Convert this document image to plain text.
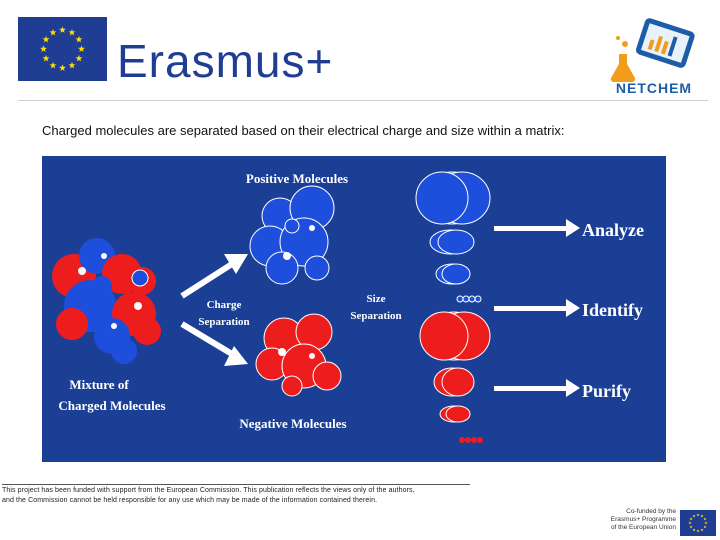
Erasmus+
NETCHEM
Charged molecules are separated based on their electrical charge and size within a matrix:
Positive Molecules
Negative Molecules
Mixture of
Charged Molecules
Charge
Separation
Size
Separation
Analyze
Identify
Purify
This project has been funded with support from the European Commission. This publication reflects the views only of the authors,
and the Commission cannot be held responsible for any use which may be made of the information contained therein.
Co-funded by the
Erasmus+ Programme
of the European Union
